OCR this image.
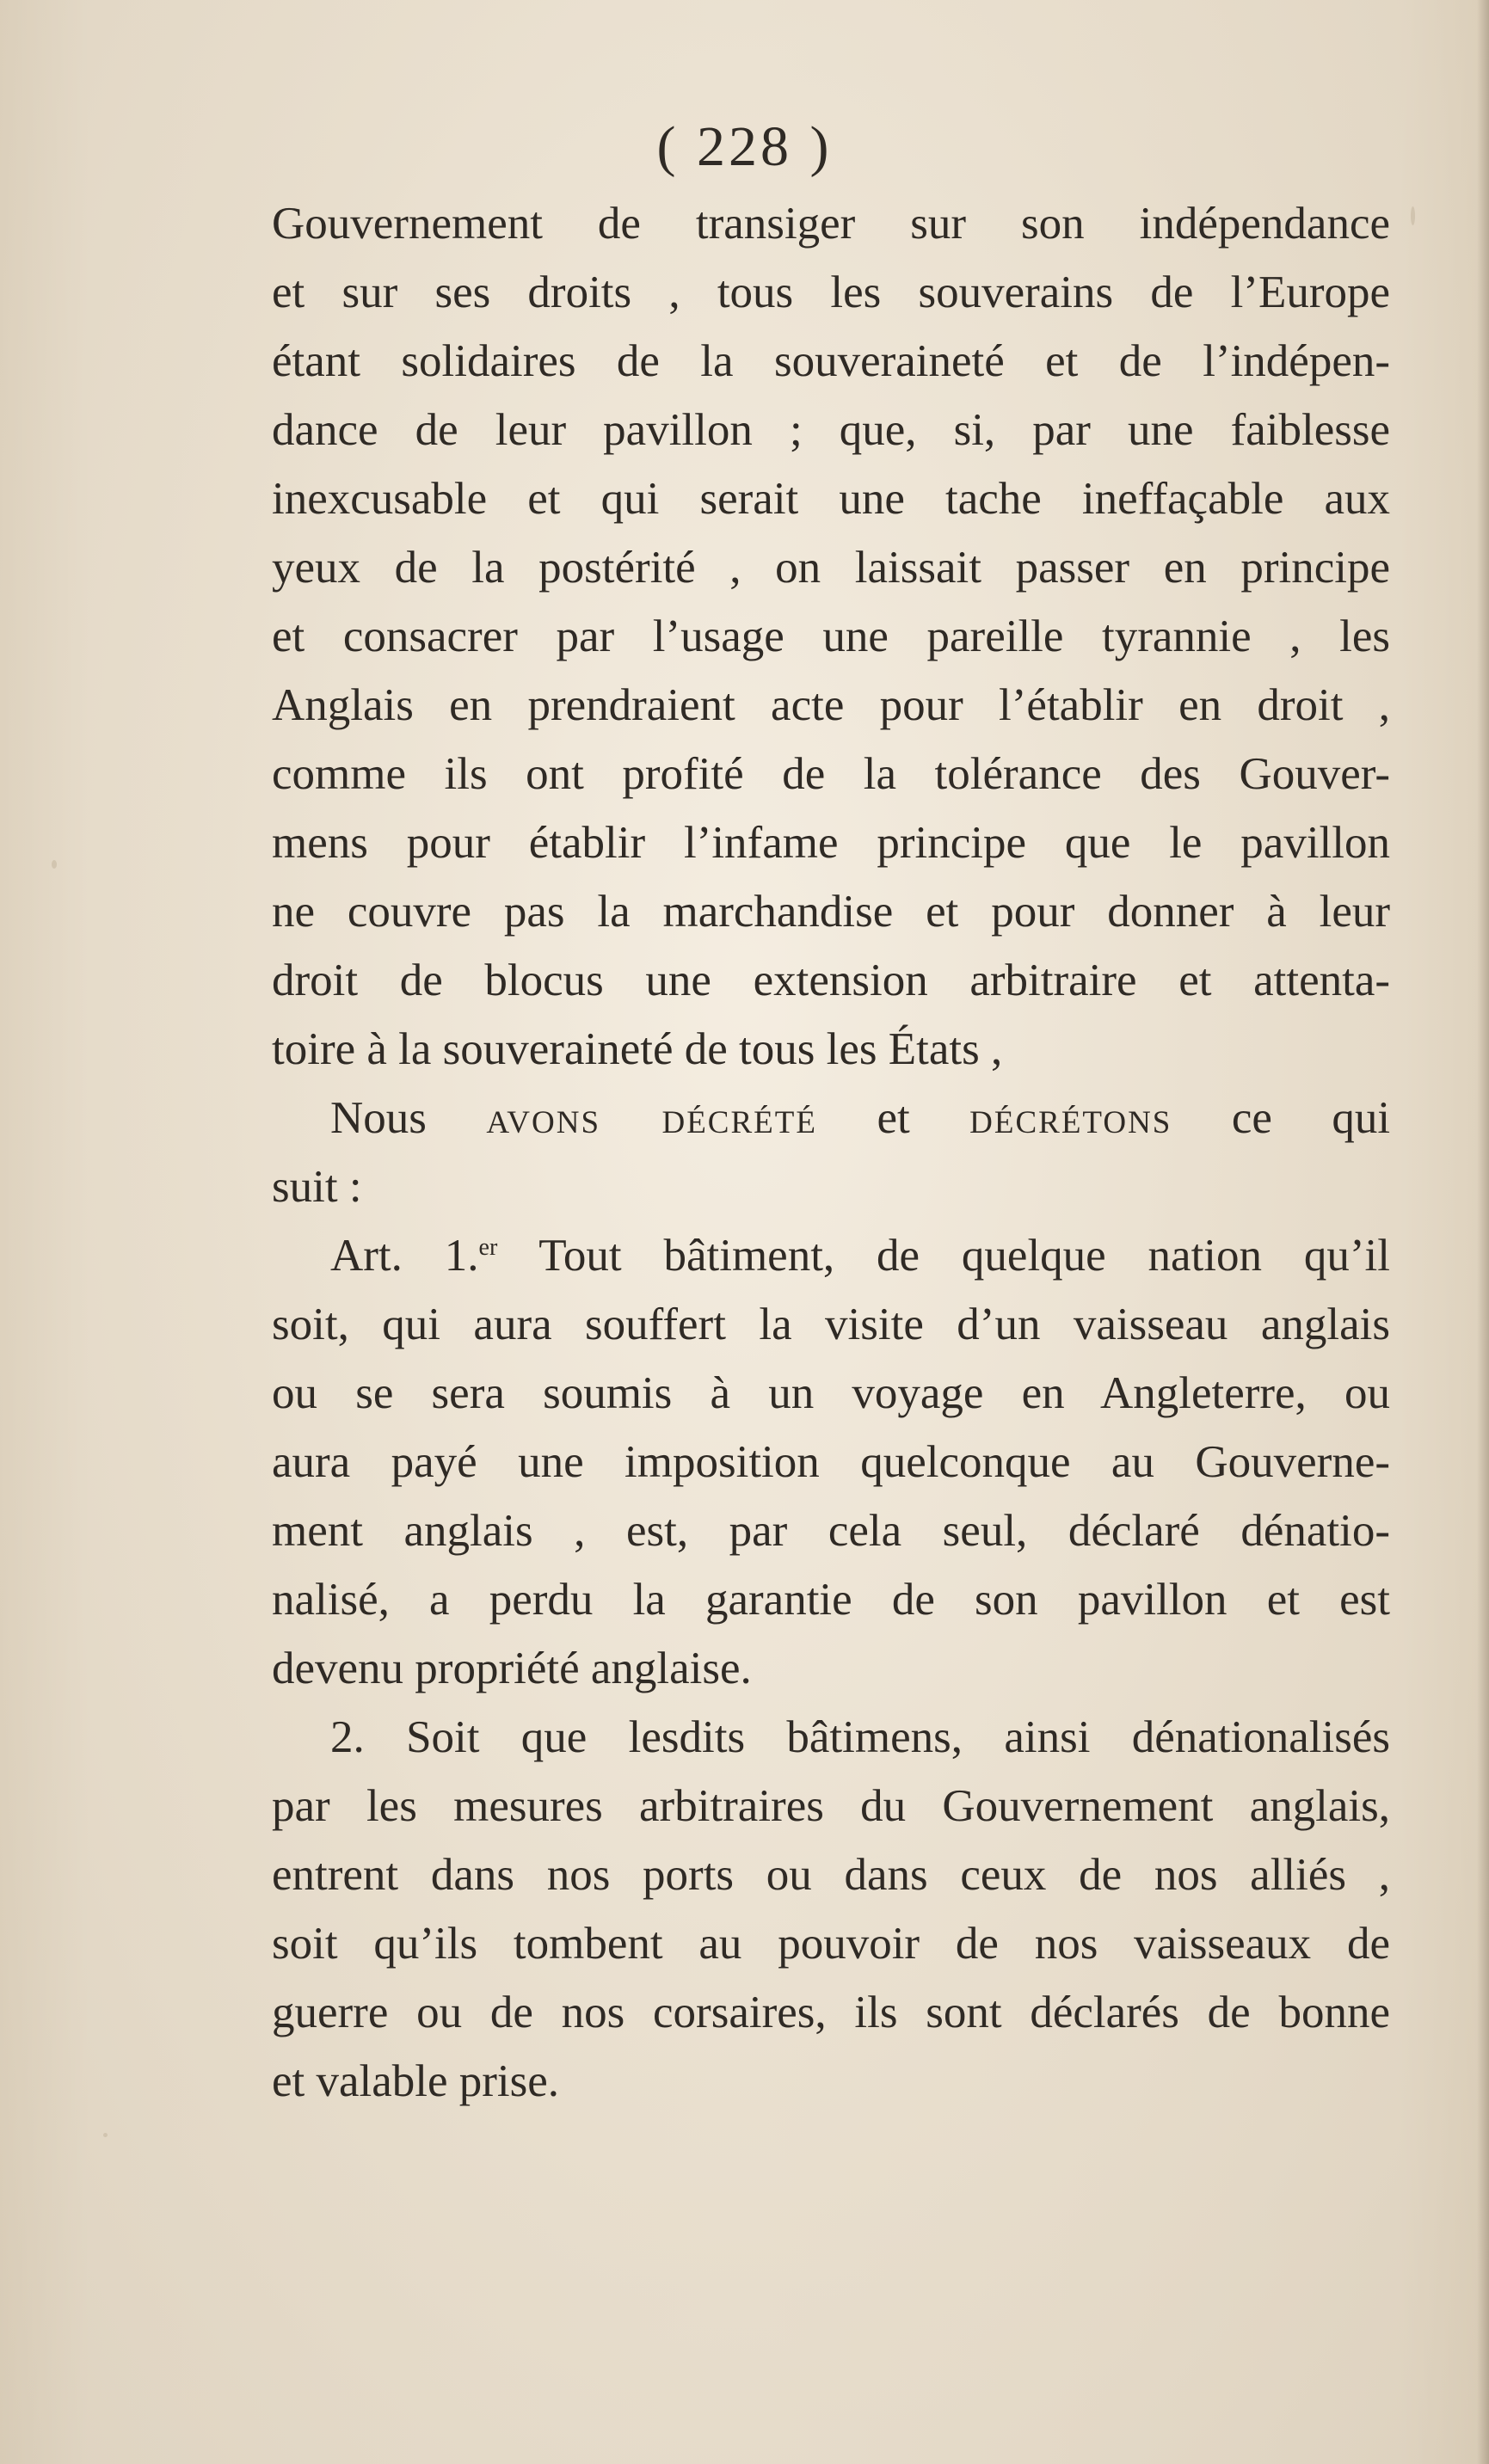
( 228 )
Gouvernement de transiger sur son indépendance
et sur ses droits , tous les souverains de l’Europe
étant solidaires de la souveraineté et de l’indépen-
dance de leur pavillon ; que, si, par une faiblesse
inexcusable et qui serait une tache ineffaçable aux
yeux de la postérité , on laissait passer en principe
et consacrer par l’usage une pareille tyrannie , les
Anglais en prendraient acte pour l’établir en droit ,
comme ils ont profité de la tolérance des Gouver-
mens pour établir l’infame principe que le pavillon
ne couvre pas la marchandise et pour donner à leur
droit de blocus une extension arbitraire et attenta-
toire à la souveraineté de tous les États ,
Nous avons décrété et décrétons ce qui
suit :
Art. 1.$^{er}$ Tout bâtiment, de quelque nation qu’il
soit, qui aura souffert la visite d’un vaisseau anglais
ou se sera soumis à un voyage en Angleterre, ou
aura payé une imposition quelconque au Gouverne-
ment anglais , est, par cela seul, déclaré dénatio-
nalisé, a perdu la garantie de son pavillon et est
devenu propriété anglaise.
2. Soit que lesdits bâtimens, ainsi dénationalisés
par les mesures arbitraires du Gouvernement anglais,
entrent dans nos ports ou dans ceux de nos alliés ,
soit qu’ils tombent au pouvoir de nos vaisseaux de
guerre ou de nos corsaires, ils sont déclarés de bonne
et valable prise.
